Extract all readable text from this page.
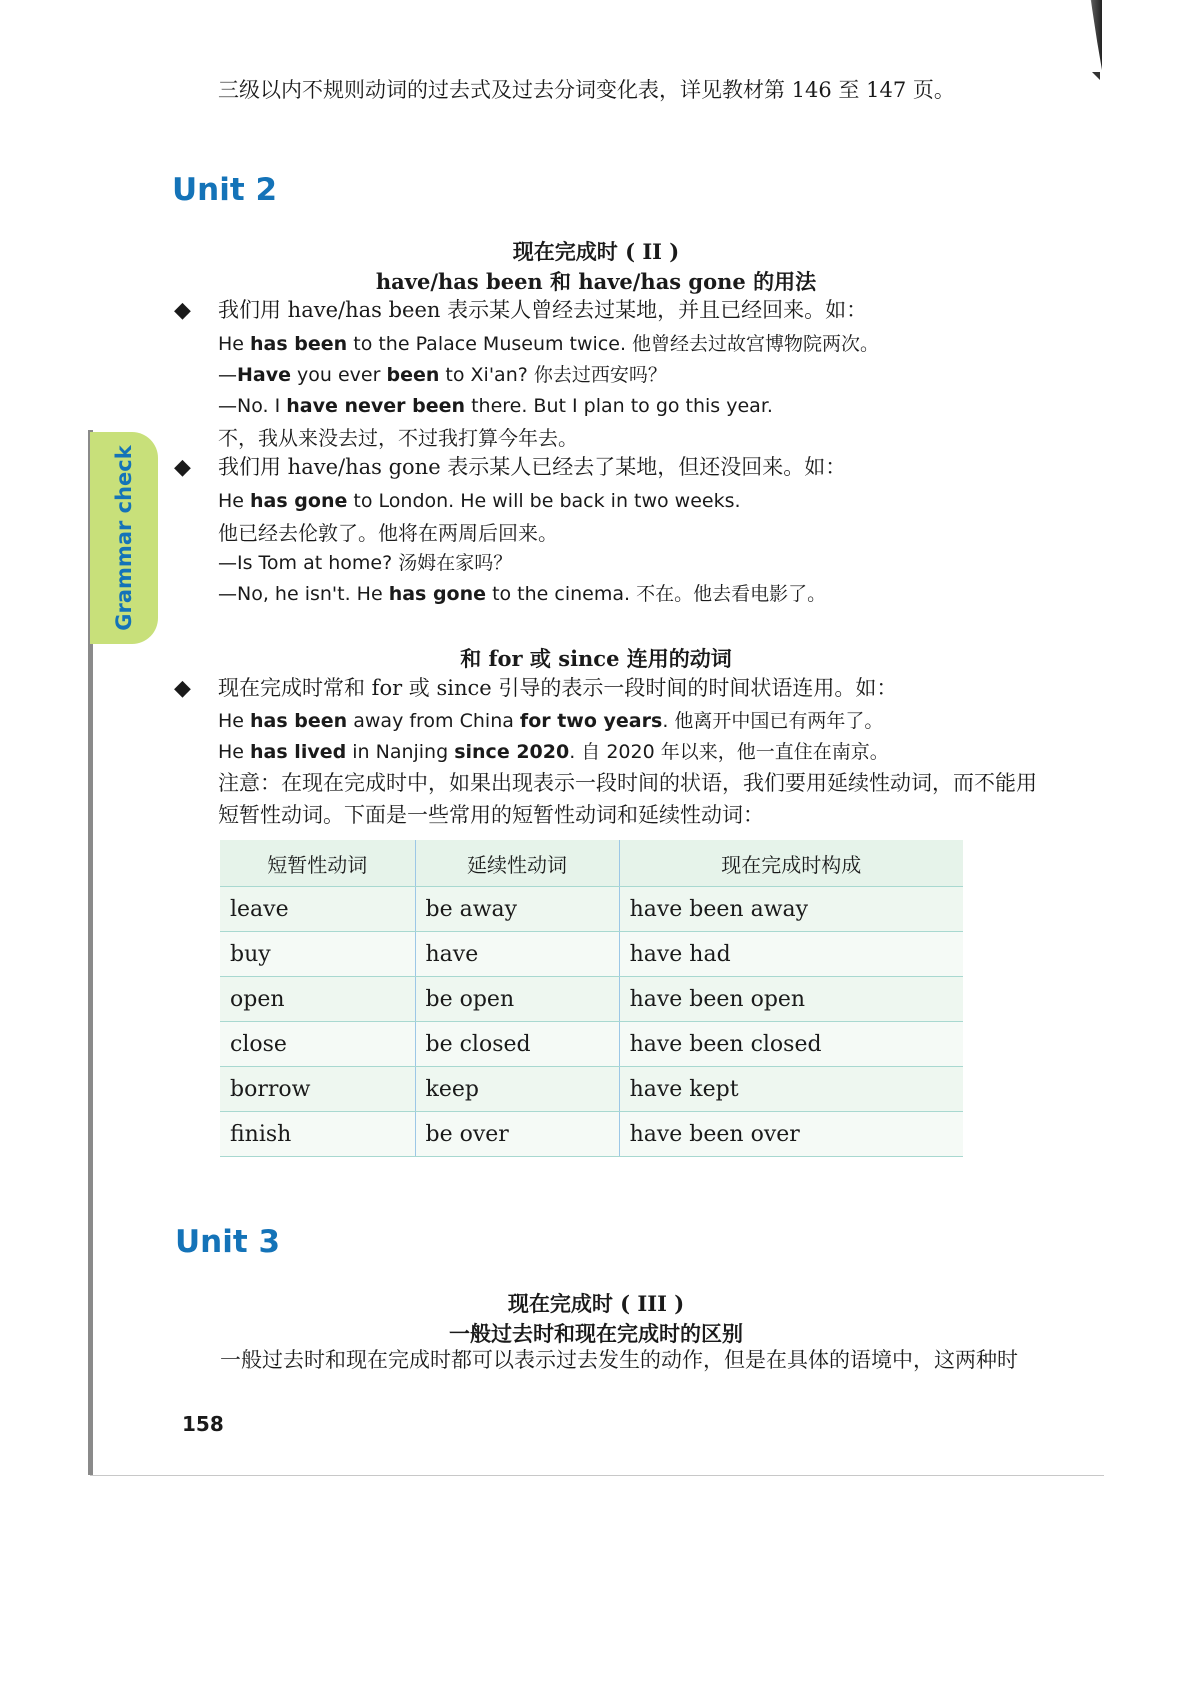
三级以内不规则动词的过去式及过去分词变化表，详见教材第 146 至 147 页。
Grammar check
Unit 2
现在完成时 ( II )
have/has been 和 have/has gone 的用法
◆ 我们用 have/has been 表示某人曾经去过某地，并且已经回来。如：
He has been to the Palace Museum twice. 他曾经去过故宫博物院两次。
—Have you ever been to Xi'an? 你去过西安吗？
—No. I have never been there. But I plan to go this year.
不，我从来没去过，不过我打算今年去。
◆ 我们用 have/has gone 表示某人已经去了某地，但还没回来。如：
He has gone to London. He will be back in two weeks.
他已经去伦敦了。他将在两周后回来。
—Is Tom at home? 汤姆在家吗？
—No, he isn't. He has gone to the cinema. 不在。他去看电影了。
和 for 或 since 连用的动词
◆ 现在完成时常和 for 或 since 引导的表示一段时间的时间状语连用。如：
He has been away from China for two years. 他离开中国已有两年了。
He has lived in Nanjing since 2020. 自 2020 年以来，他一直住在南京。
注意：在现在完成时中，如果出现表示一段时间的状语，我们要用延续性动词，而不能用
短暂性动词。下面是一些常用的短暂性动词和延续性动词：
短暂性动词	延续性动词	现在完成时构成
leave	be away	have been away
buy	have	have had
open	be open	have been open
close	be closed	have been closed
borrow	keep	have kept
finish	be over	have been over
Unit 3
现在完成时 ( III )
一般过去时和现在完成时的区别
一般过去时和现在完成时都可以表示过去发生的动作，但是在具体的语境中，这两种时
158
